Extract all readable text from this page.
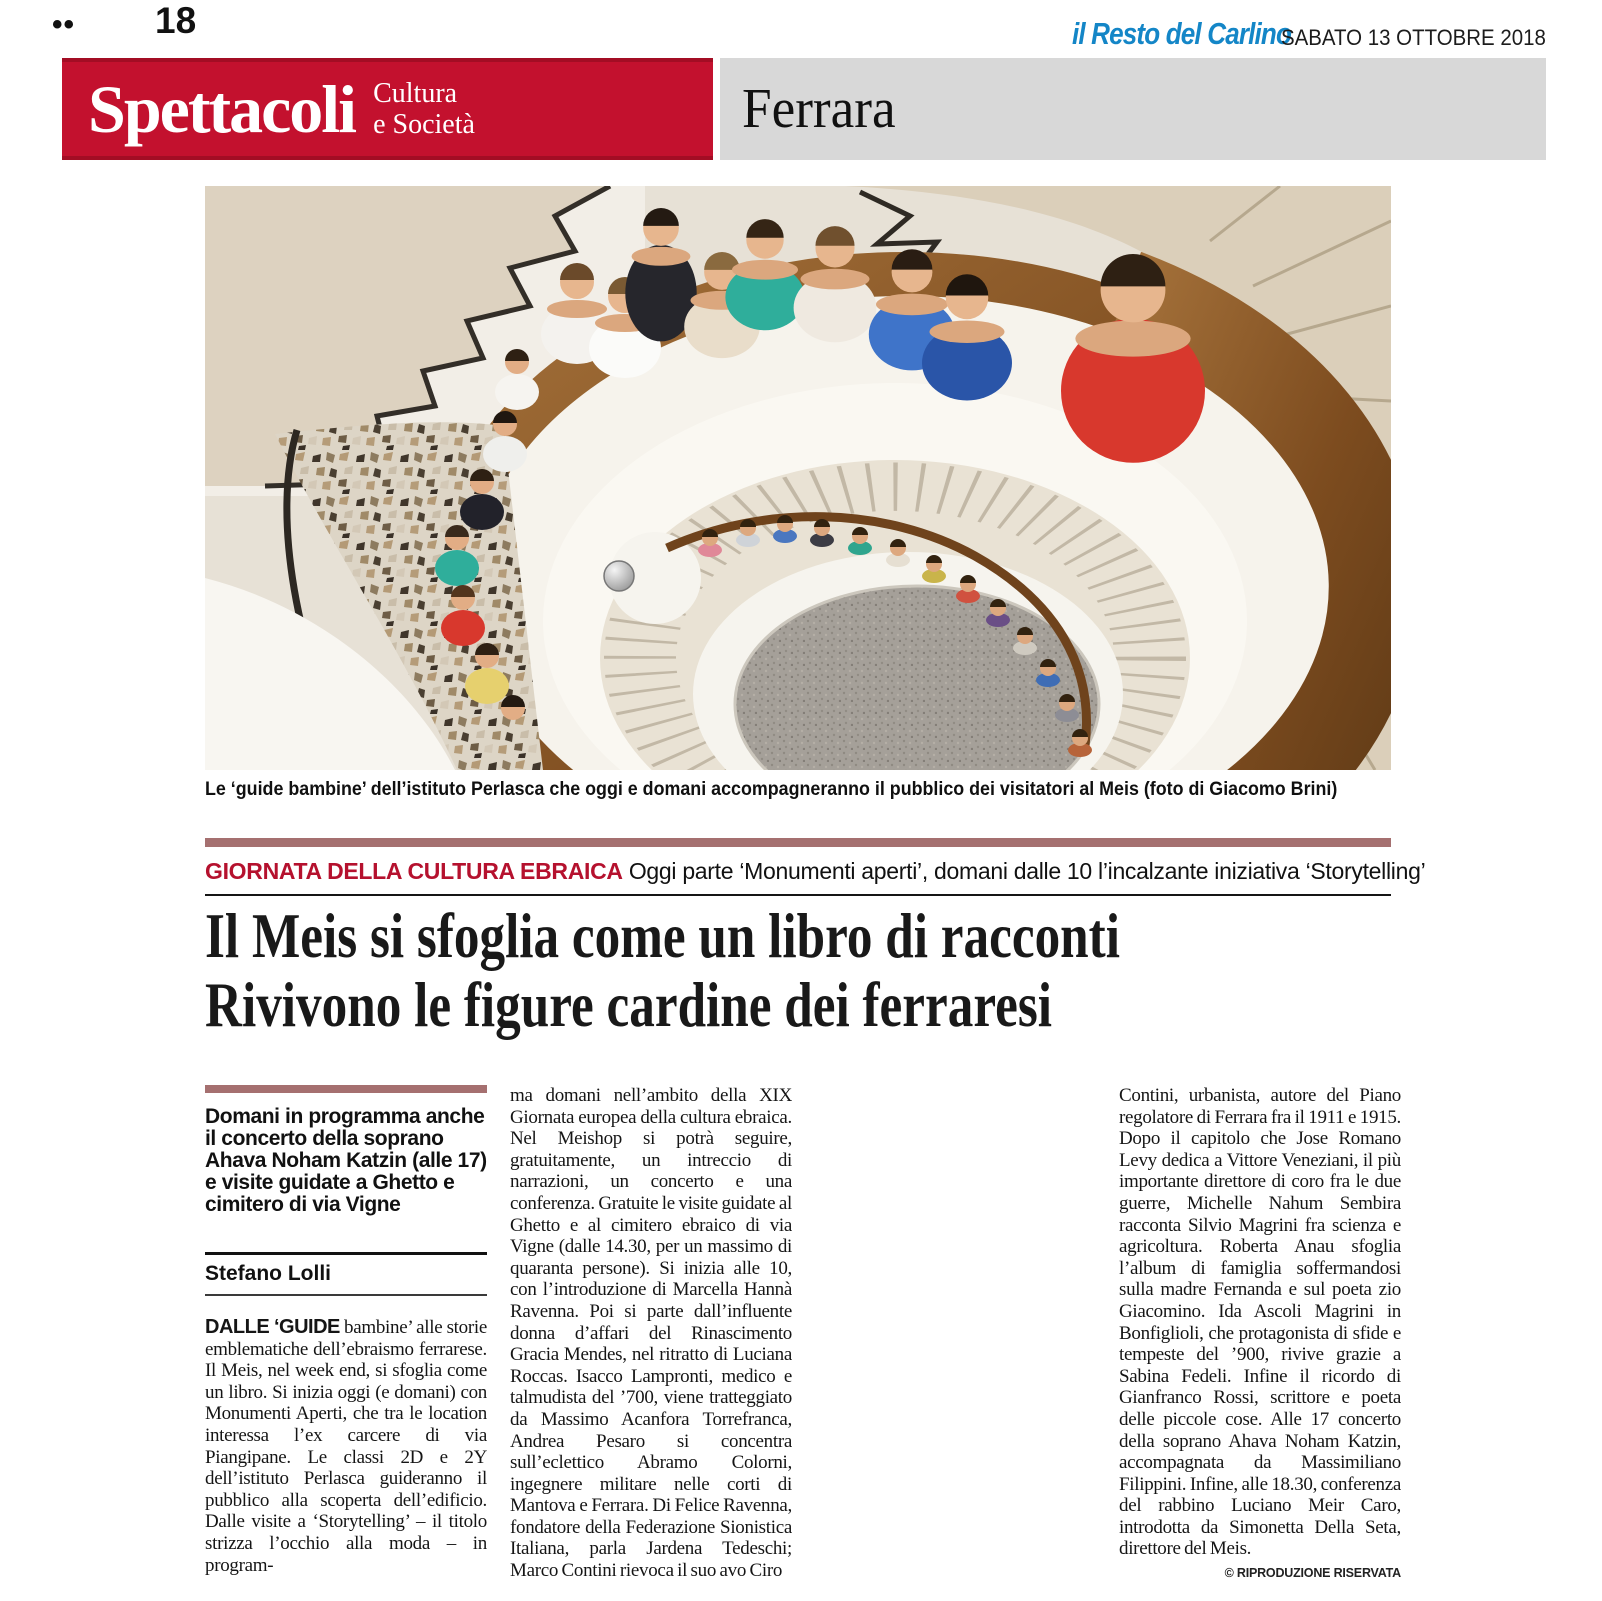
•• 18	il Resto del Carlino
SABATO 13 OTTOBRE 2018
Spettacoli Cultura
e Società	Ferrara
Le ‘guide bambine’ dell’istituto Perlasca che oggi e domani accompagneranno il pubblico dei visitatori al Meis (foto di Giacomo Brini)
GIORNATA DELLA CULTURA EBRAICA Oggi parte ‘Monumenti aperti’, domani dalle 10 l’incalzante iniziativa ‘Storytelling’
Il Meis si sfoglia come un libro di racconti
Rivivono le figure cardine dei ferraresi

Domani in programma anche il concerto della soprano Ahava Noham Katzin (alle 17) e visite guidate a Ghetto e cimitero di via Vigne

Stefano Lolli

DALLE ‘GUIDE bambine’ alle storie emblematiche dell’ebraismo ferrarese. Il Meis, nel week end, si sfoglia come un libro. Si inizia oggi (e domani) con Monumenti Aperti, che tra le location interessa l’ex carcere di via Piangipane. Le classi 2D e 2Y dell’istituto Perlasca guideranno il pubblico alla scoperta dell’edificio. Dalle visite a ‘Storytelling’ – il titolo strizza l’occhio alla moda – in program-

ma domani nell’ambito della XIX Giornata europea della cultura ebraica. Nel Meishop si potrà seguire, gratuitamente, un intreccio di narrazioni, un concerto e una conferenza. Gratuite le visite guidate al Ghetto e al cimitero ebraico di via Vigne (dalle 14.30, per un massimo di quaranta persone). Si inizia alle 10, con l’introduzione di Marcella Hannà Ravenna. Poi si parte dall’influente donna d’affari del Rinascimento Gracia Mendes, nel ritratto di Luciana Roccas. Isacco Lampronti, medico e talmudista del ’700, viene tratteggiato da Massimo Acanfora Torrefranca, Andrea Pesaro si concentra sull’eclettico Abramo Colorni, ingegnere militare nelle corti di Mantova e Ferrara. Di Felice Ravenna, fondatore della Federazione Sionistica Italiana, parla Jardena Tedeschi; Marco Contini rievoca il suo avo Ciro

Contini, urbanista, autore del Piano regolatore di Ferrara fra il 1911 e 1915. Dopo il capitolo che Jose Romano Levy dedica a Vittore Veneziani, il più importante direttore di coro fra le due guerre, Michelle Nahum Sembira racconta Silvio Magrini fra scienza e agricoltura. Roberta Anau sfoglia l’album di famiglia soffermandosi sulla madre Fernanda e sul poeta zio Giacomino. Ida Ascoli Magrini in Bonfiglioli, che protagonista di sfide e tempeste del ’900, rivive grazie a Sabina Fedeli. Infine il ricordo di Gianfranco Rossi, scrittore e poeta delle piccole cose. Alle 17 concerto della soprano Ahava Noham Katzin, accompagnata da Massimiliano Filippini. Infine, alle 18.30, conferenza del rabbino Luciano Meir Caro, introdotta da Simonetta Della Seta, direttore del Meis.

© RIPRODUZIONE RISERVATA
